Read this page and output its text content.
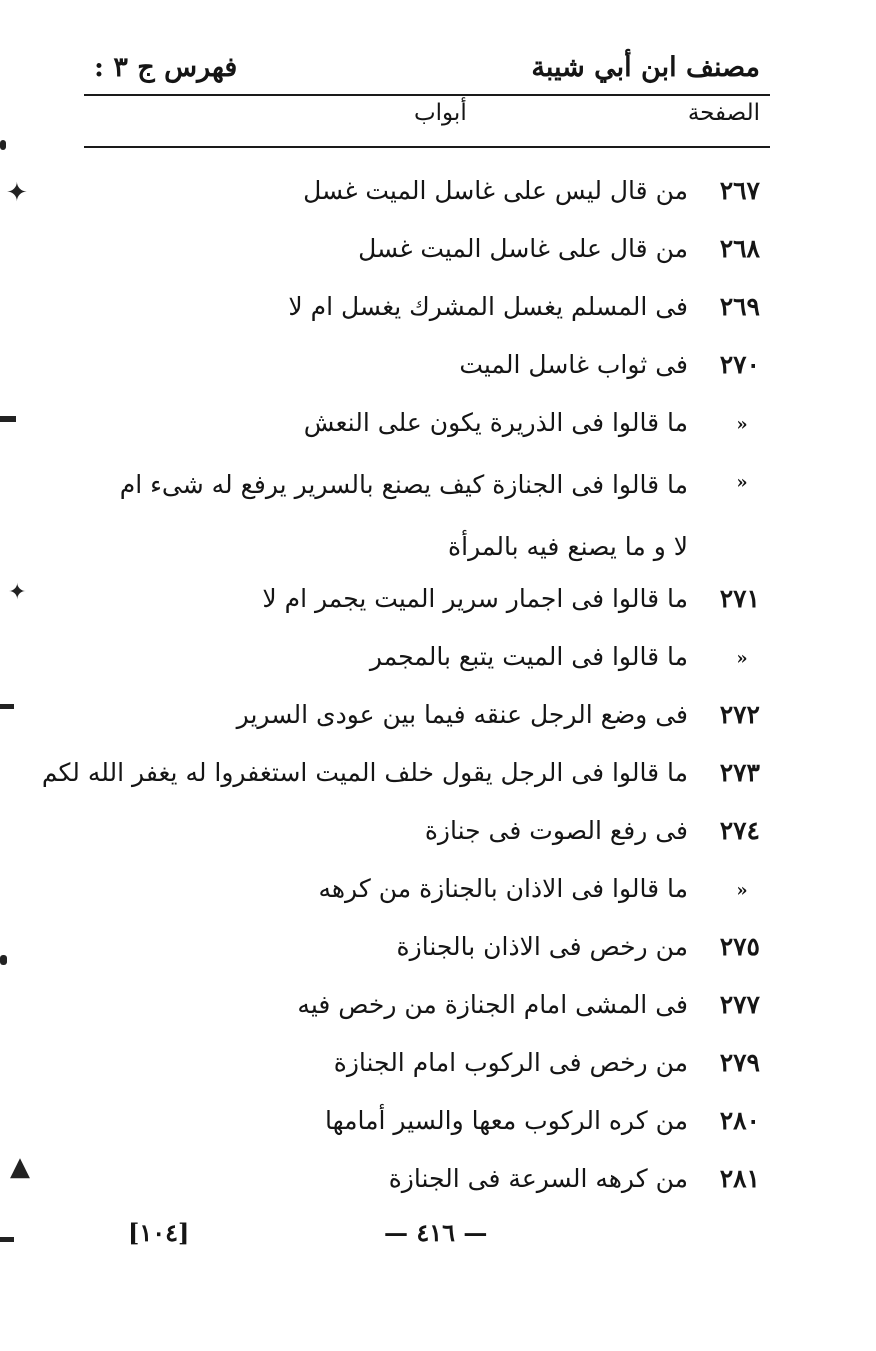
مصنف ابن أبي شيبة
فهرس ج ٣ :
الصفحة
أبواب
٢٦٧
من قال ليس على غاسل الميت غسل
٢٦٨
من قال على غاسل الميت غسل
٢٦٩
فى المسلم يغسل المشرك يغسل ام لا
٢٧٠
فى ثواب غاسل الميت
»
ما قالوا فى الذريرة يكون على النعش
»
ما قالوا فى الجنازة كيف يصنع بالسرير يرفع له شىء ام لا و ما يصنع فيه بالمرأة
٢٧١
ما قالوا فى اجمار سرير الميت يجمر ام لا
»
ما قالوا فى الميت يتبع بالمجمر
٢٧٢
فى وضع الرجل عنقه فيما بين عودى السرير
٢٧٣
ما قالوا فى الرجل يقول خلف الميت استغفروا له يغفر الله لكم
٢٧٤
فى رفع الصوت فى جنازة
»
ما قالوا فى الاذان بالجنازة من كرهه
٢٧٥
من رخص فى الاذان بالجنازة
٢٧٧
فى المشى امام الجنازة من رخص فيه
٢٧٩
من رخص فى الركوب امام الجنازة
٢٨٠
من كره الركوب معها والسير أمامها
٢٨١
من كرهه السرعة فى الجنازة
[١٠٤]	— ٤١٦ —
✦
✦
▲
